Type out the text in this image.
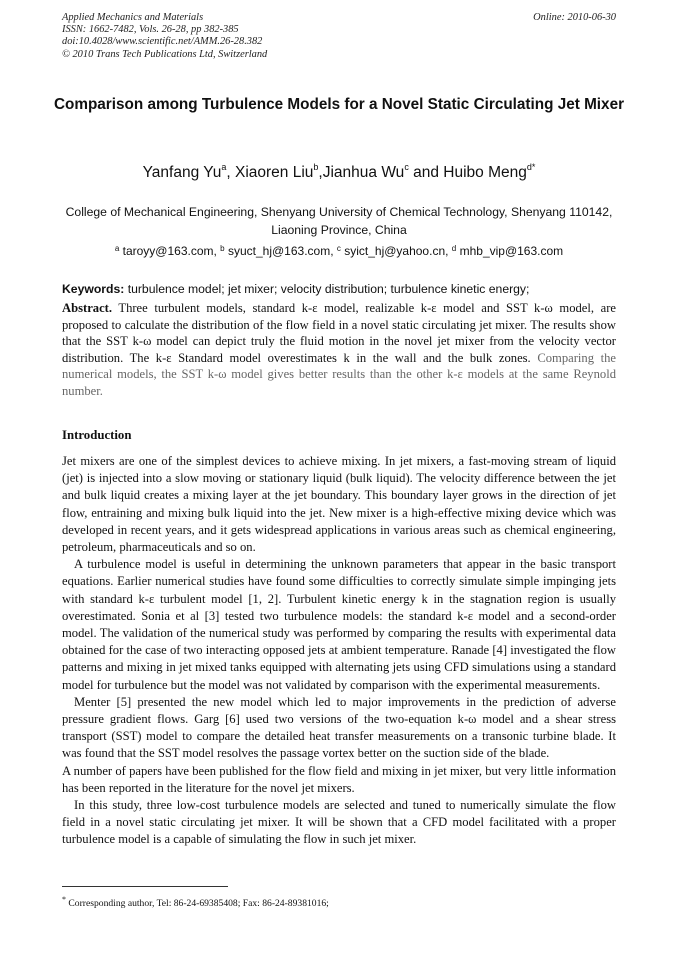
Applied Mechanics and Materials
ISSN: 1662-7482, Vols. 26-28, pp 382-385
doi:10.4028/www.scientific.net/AMM.26-28.382
© 2010 Trans Tech Publications Ltd, Switzerland
Online: 2010-06-30
Comparison among Turbulence Models for a Novel Static Circulating Jet Mixer
Yanfang Yu$^a$, Xiaoren Liu$^b$,Jianhua Wu$^c$ and Huibo Meng$^{d*}$
College of Mechanical Engineering, Shenyang University of Chemical Technology, Shenyang 110142, Liaoning Province, China
$^a$ taroyy@163.com, $^b$ syuct_hj@163.com, $^c$ syict_hj@yahoo.cn, $^d$ mhb_vip@163.com
Keywords: turbulence model; jet mixer; velocity distribution; turbulence kinetic energy;

Abstract. Three turbulent models, standard k-ε model, realizable k-ε model and SST k-ω model, are proposed to calculate the distribution of the flow field in a novel static circulating jet mixer. The results show that the SST k-ω model can depict truly the fluid motion in the novel jet mixer from the velocity vector distribution. The k-ε Standard model overestimates k in the wall and the bulk zones. Comparing the numerical models, the SST k-ω model gives better results than the other k-ε models at the same Reynold number.

Introduction

Jet mixers are one of the simplest devices to achieve mixing. In jet mixers, a fast-moving stream of liquid (jet) is injected into a slow moving or stationary liquid (bulk liquid). The velocity difference between the jet and bulk liquid creates a mixing layer at the jet boundary. This boundary layer grows in the direction of jet flow, entraining and mixing bulk liquid into the jet. New mixer is a high-effective mixing device which was developed in recent years, and it gets widespread applications in various areas such as chemical engineering, petroleum, pharmaceuticals and so on.

A turbulence model is useful in determining the unknown parameters that appear in the basic transport equations. Earlier numerical studies have found some difficulties to correctly simulate simple impinging jets with standard k-ε turbulent model [1, 2]. Turbulent kinetic energy k in the stagnation region is usually overestimated. Sonia et al [3] tested two turbulence models: the standard k-ε model and a second-order model. The validation of the numerical study was performed by comparing the results with experimental data obtained for the case of two interacting opposed jets at ambient temperature. Ranade [4] investigated the flow patterns and mixing in jet mixed tanks equipped with alternating jets using CFD simulations using a standard model for turbulence but the model was not validated by comparison with the experimental measurements.

Menter [5] presented the new model which led to major improvements in the prediction of adverse pressure gradient flows. Garg [6] used two versions of the two-equation k-ω model and a shear stress transport (SST) model to compare the detailed heat transfer measurements on a transonic turbine blade. It was found that the SST model resolves the passage vortex better on the suction side of the blade.

A number of papers have been published for the flow field and mixing in jet mixer, but very little information has been reported in the literature for the novel jet mixers.

In this study, three low-cost turbulence models are selected and tuned to numerically simulate the flow field in a novel static circulating jet mixer. It will be shown that a CFD model facilitated with a proper turbulence model is a capable of simulating the flow in such jet mixer.

* Corresponding author, Tel: 86-24-69385408; Fax: 86-24-89381016;
